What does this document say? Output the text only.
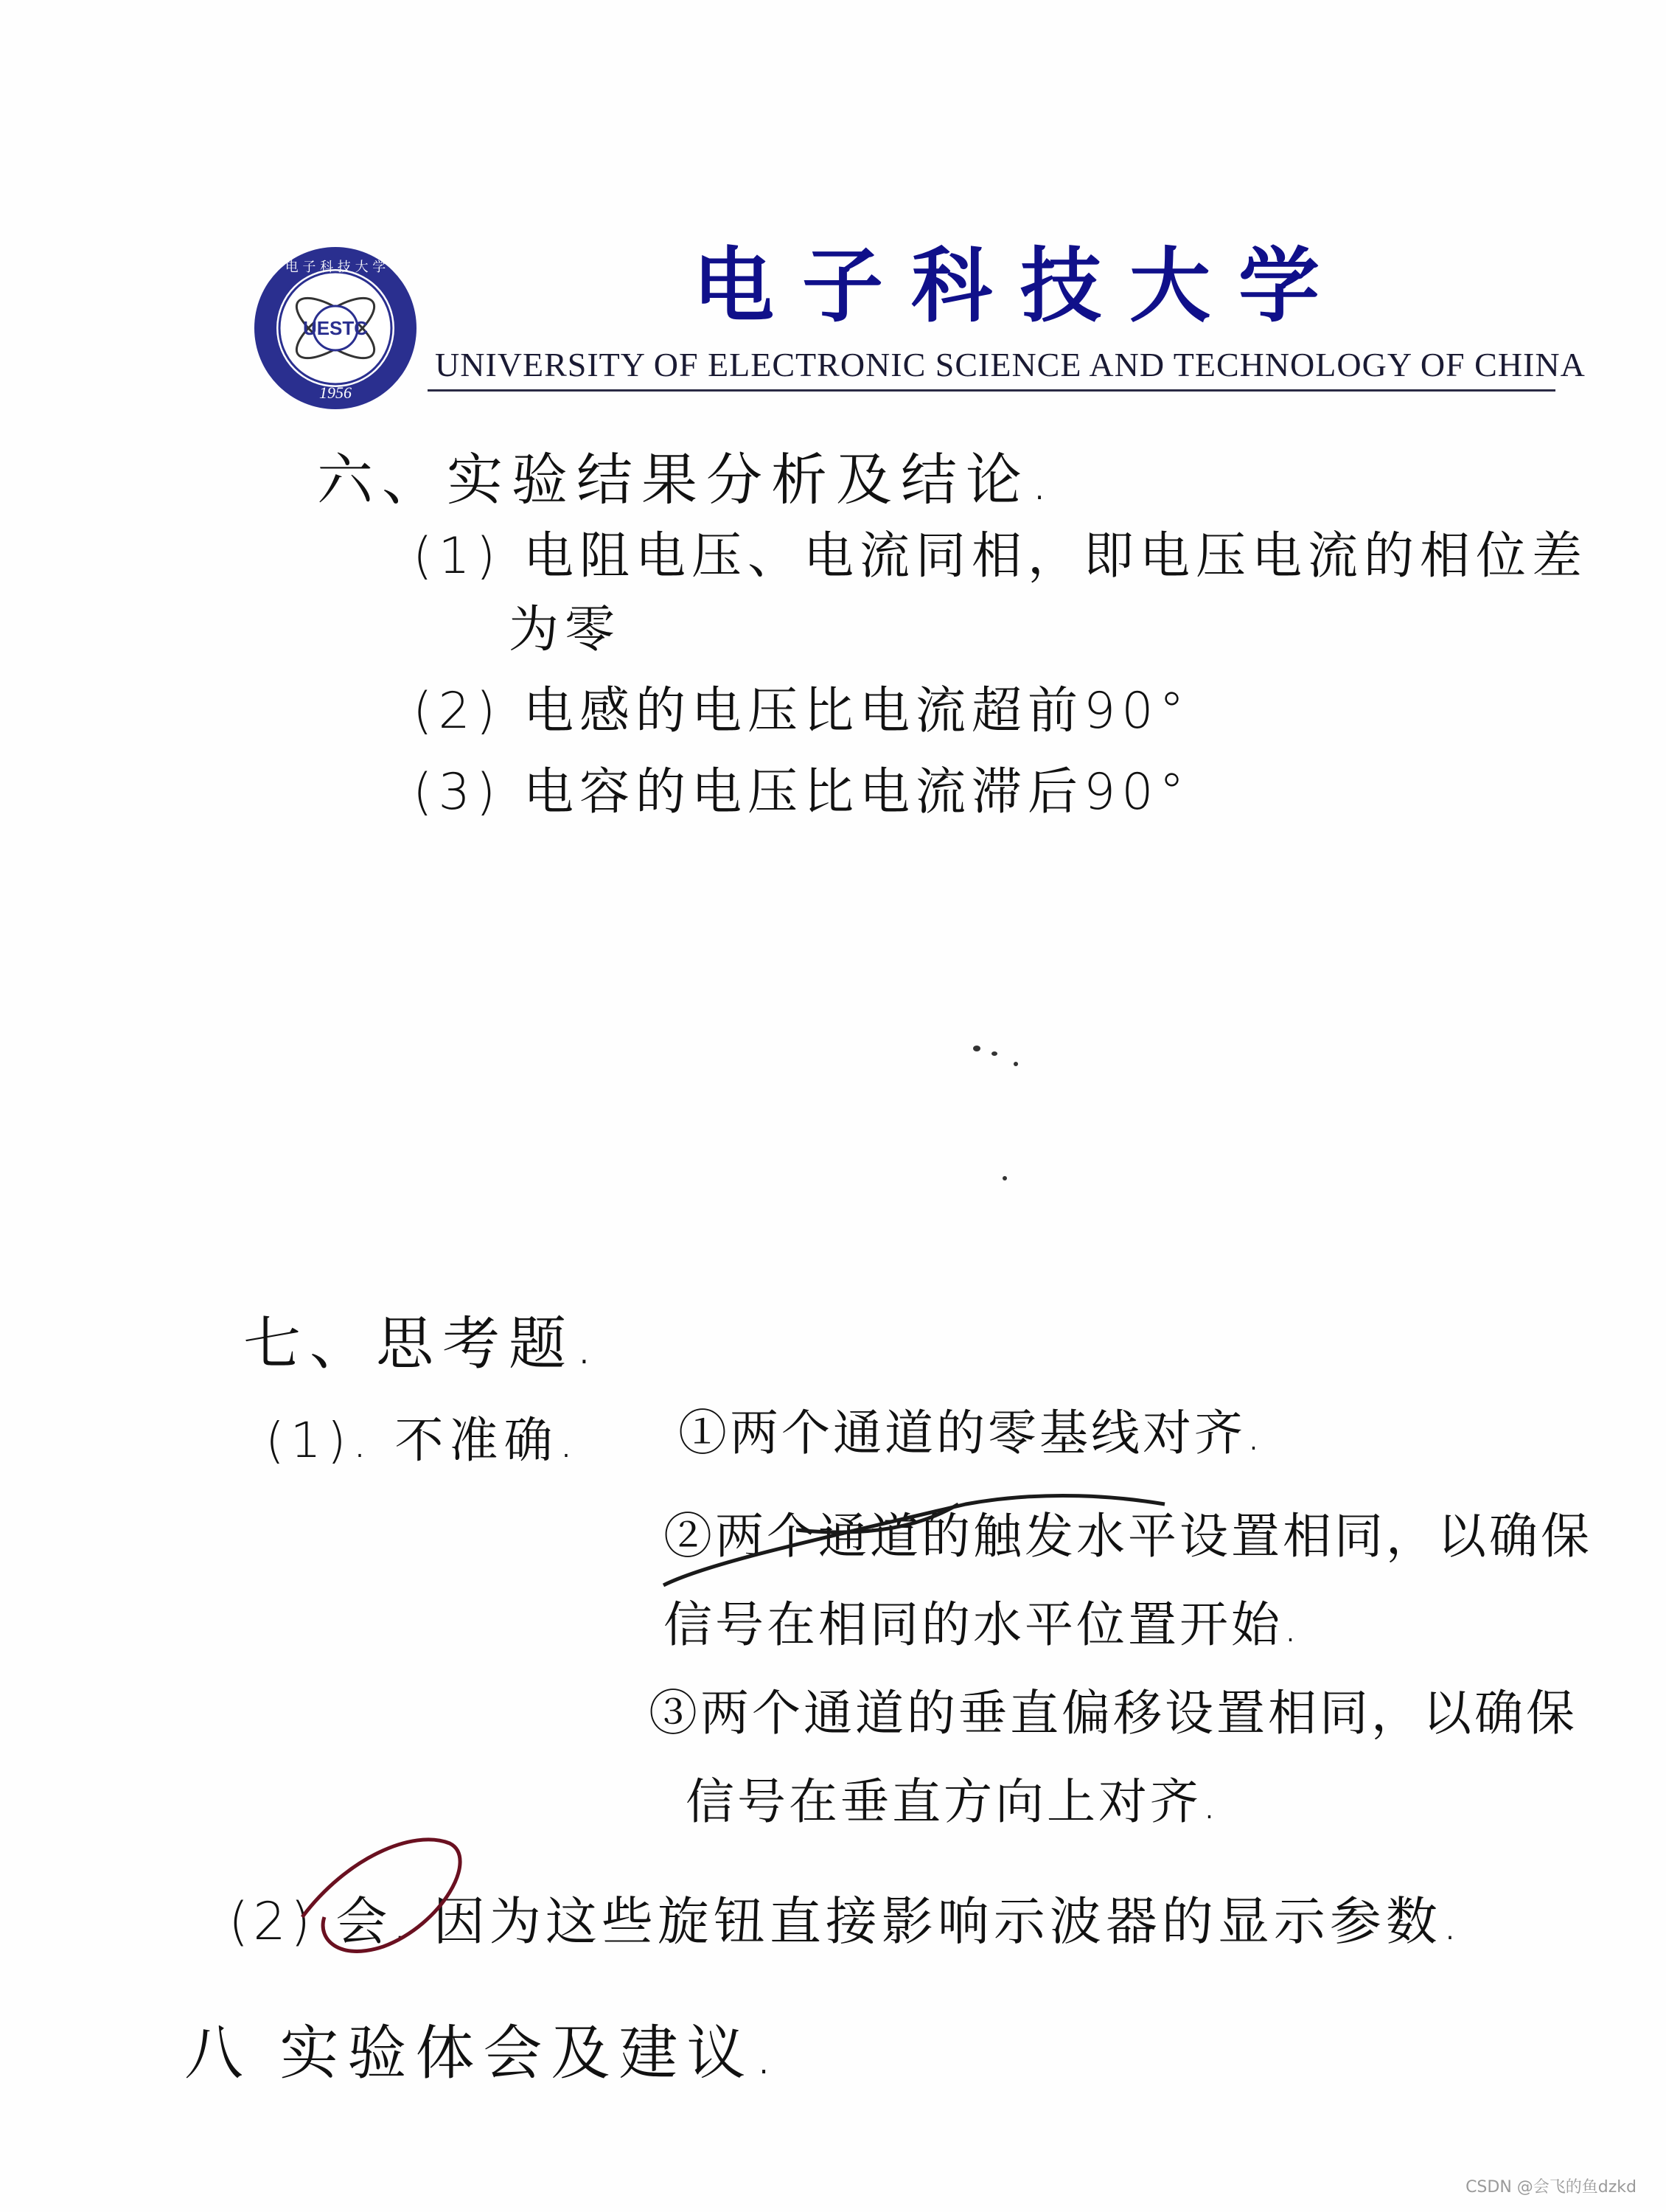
UESTC
1956
电 子 科 技 大 学	电子科技大学
UNIVERSITY OF ELECTRONIC SCIENCE AND TECHNOLOGY OF CHINA
六、实验结果分析及结论.
(1) 电阻电压、电流同相，即电压电流的相位差
为零
(2) 电感的电压比电流超前90°
(3) 电容的电压比电流滞后90°
七、思考题.
(1). 不准确. ①两个通道的零基线对齐.
②两个通道的触发水平设置相同，以确保
信号在相同的水平位置开始.
③两个通道的垂直偏移设置相同，以确保
信号在垂直方向上对齐.
(2) 会. 因为这些旋钮直接影响示波器的显示参数.
八 实验体会及建议.
CSDN @会飞的鱼dzkd
